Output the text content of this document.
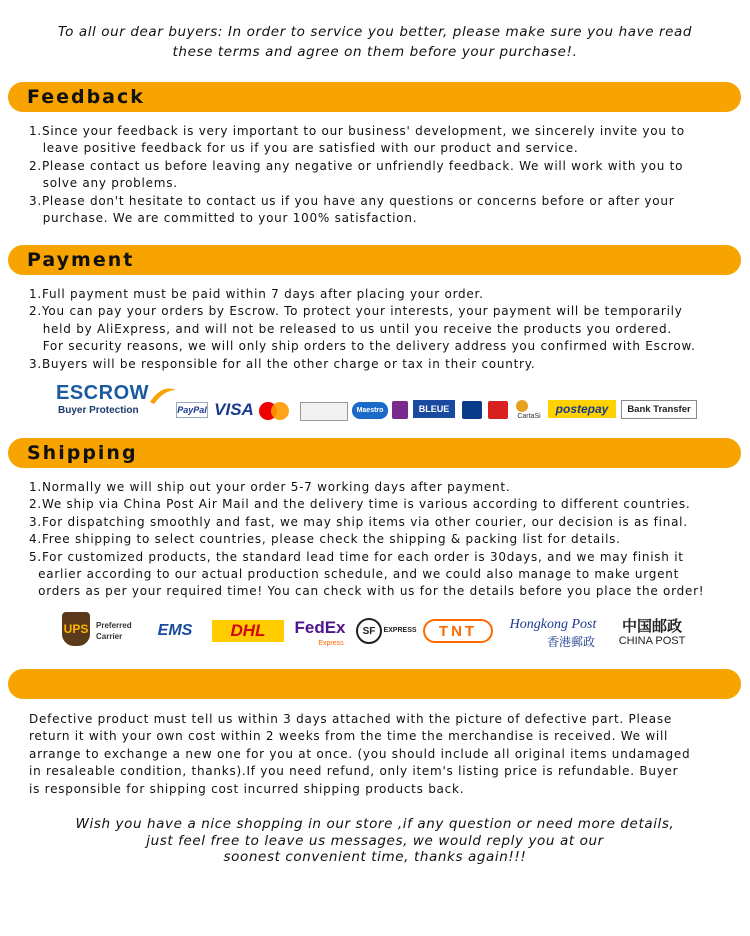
To all our dear buyers: In order to service you better, please make sure you have read
these terms and agree on them before your purchase!.
Feedback
1.Since your feedback is very important to our business' development, we sincerely invite you to
leave positive feedback for us if you are satisfied with our product and service.
2.Please contact us before leaving any negative or unfriendly feedback. We will work with you to
solve any problems.
3.Please don't hesitate to contact us if you have any questions or concerns before or after your
purchase. We are committed to your 100% satisfaction.
Payment
1.Full payment must be paid within 7 days after placing your order.
2.You can pay your orders by Escrow. To protect your interests, your payment will be temporarily
held by AliExpress, and will not be released to us until you receive the products you ordered.
For security reasons, we will only ship orders to the delivery address you confirmed with Escrow.
3.Buyers will be responsible for all the other charge or tax in their country.
ESCROW
Buyer Protection	PayPal VISA	Maestro	BLEUE
CartaSi	postepay	Bank Transfer
Shipping
1.Normally we will ship out your order 5-7 working days after payment.
2.We ship via China Post Air Mail and the delivery time is various according to different countries.
3.For dispatching smoothly and fast, we may ship items via other courier, our decision is as final.
4.Free shipping to select countries, please check the shipping & packing list for details.
5.For customized products, the standard lead time for each order is 30days, and we may finish it
earlier according to our actual production schedule, and we could also manage to make urgent
orders as per your required time! You can check with us for the details before you place the order!
UPS Preferred
Carrier	EMS	DHL	FedEx
Express
SF	EXPRESS	TNT	Hongkong Post
香港郵政
中国邮政
CHINA POST
Defective product must tell us within 3 days attached with the picture of defective part. Please
return it with your own cost within 2 weeks from the time the merchandise is received. We will
arrange to exchange a new one for you at once. (you should include all original items undamaged
in resaleable condition, thanks).If you need refund, only item's listing price is refundable. Buyer
is responsible for shipping cost incurred shipping products back.
Wish you have a nice shopping in our store ,if any question or need more details,
just feel free to leave us messages, we would reply you at our
soonest convenient time, thanks again!!!
